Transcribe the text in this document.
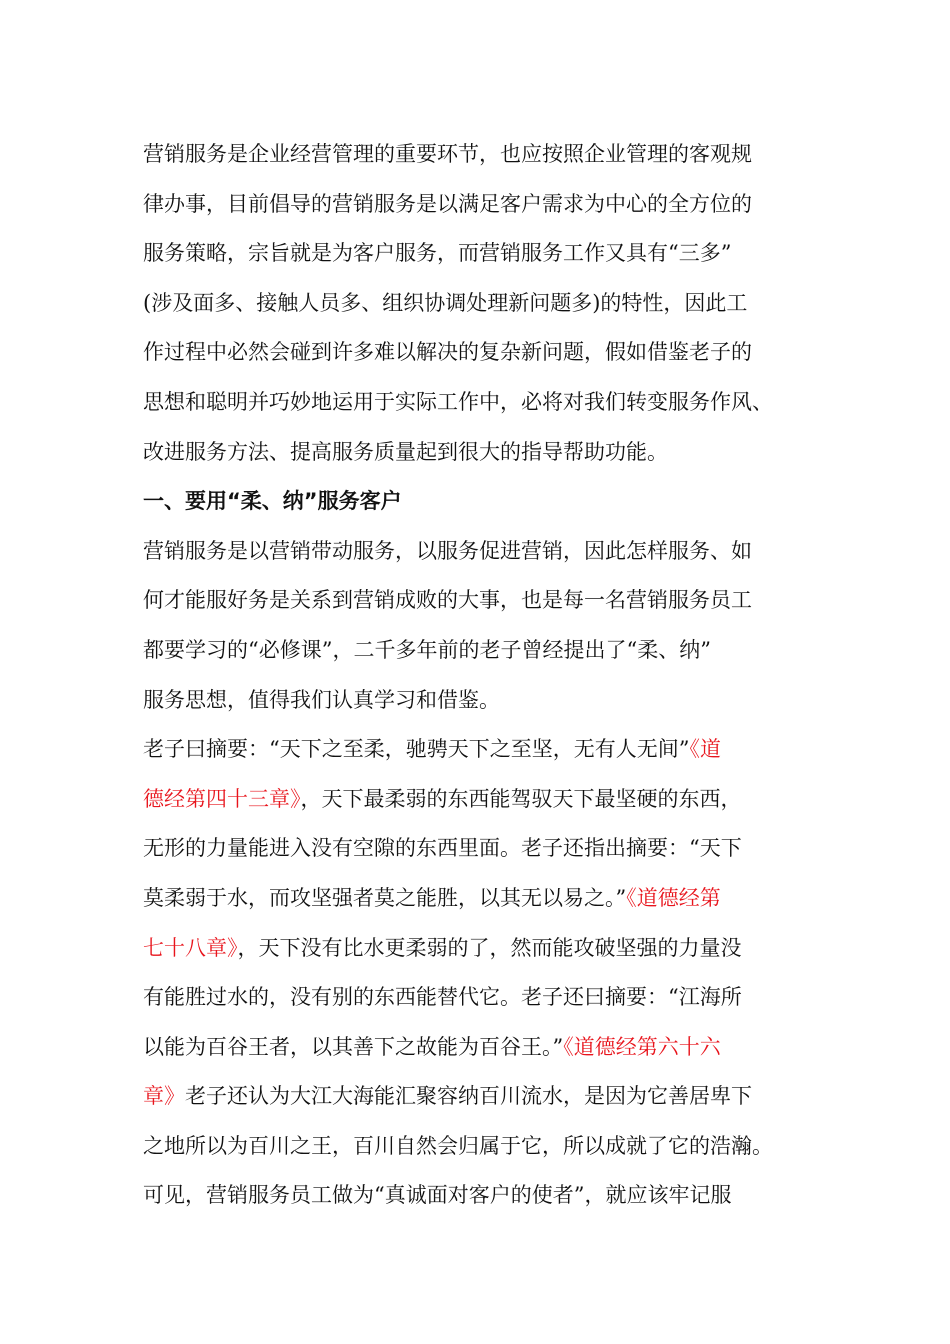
营销服务是企业经营管理的重要环节，也应按照企业管理的客观规
律办事，目前倡导的营销服务是以满足客户需求为中心的全方位的
服务策略，宗旨就是为客户服务，而营销服务工作又具有“三多”
(涉及面多、接触人员多、组织协调处理新问题多)的特性，因此工
作过程中必然会碰到许多难以解决的复杂新问题，假如借鉴老子的
思想和聪明并巧妙地运用于实际工作中，必将对我们转变服务作风、
改进服务方法、提高服务质量起到很大的指导帮助功能。
一、要用“柔、纳”服务客户
营销服务是以营销带动服务，以服务促进营销，因此怎样服务、如
何才能服好务是关系到营销成败的大事，也是每一名营销服务员工
都要学习的“必修课”，二千多年前的老子曾经提出了“柔、纳”
服务思想，值得我们认真学习和借鉴。
老子曰摘要：“天下之至柔，驰骋天下之至坚，无有人无间”《道
德经第四十三章》，天下最柔弱的东西能驾驭天下最坚硬的东西，
无形的力量能进入没有空隙的东西里面。老子还指出摘要：“天下
莫柔弱于水，而攻坚强者莫之能胜，以其无以易之。”《道德经第
七十八章》，天下没有比水更柔弱的了，然而能攻破坚强的力量没
有能胜过水的，没有别的东西能替代它。老子还曰摘要：“江海所
以能为百谷王者，以其善下之故能为百谷王。”《道德经第六十六
章》老子还认为大江大海能汇聚容纳百川流水，是因为它善居卑下
之地所以为百川之王，百川自然会归属于它，所以成就了它的浩瀚。
可见，营销服务员工做为“真诚面对客户的使者”，就应该牢记服
